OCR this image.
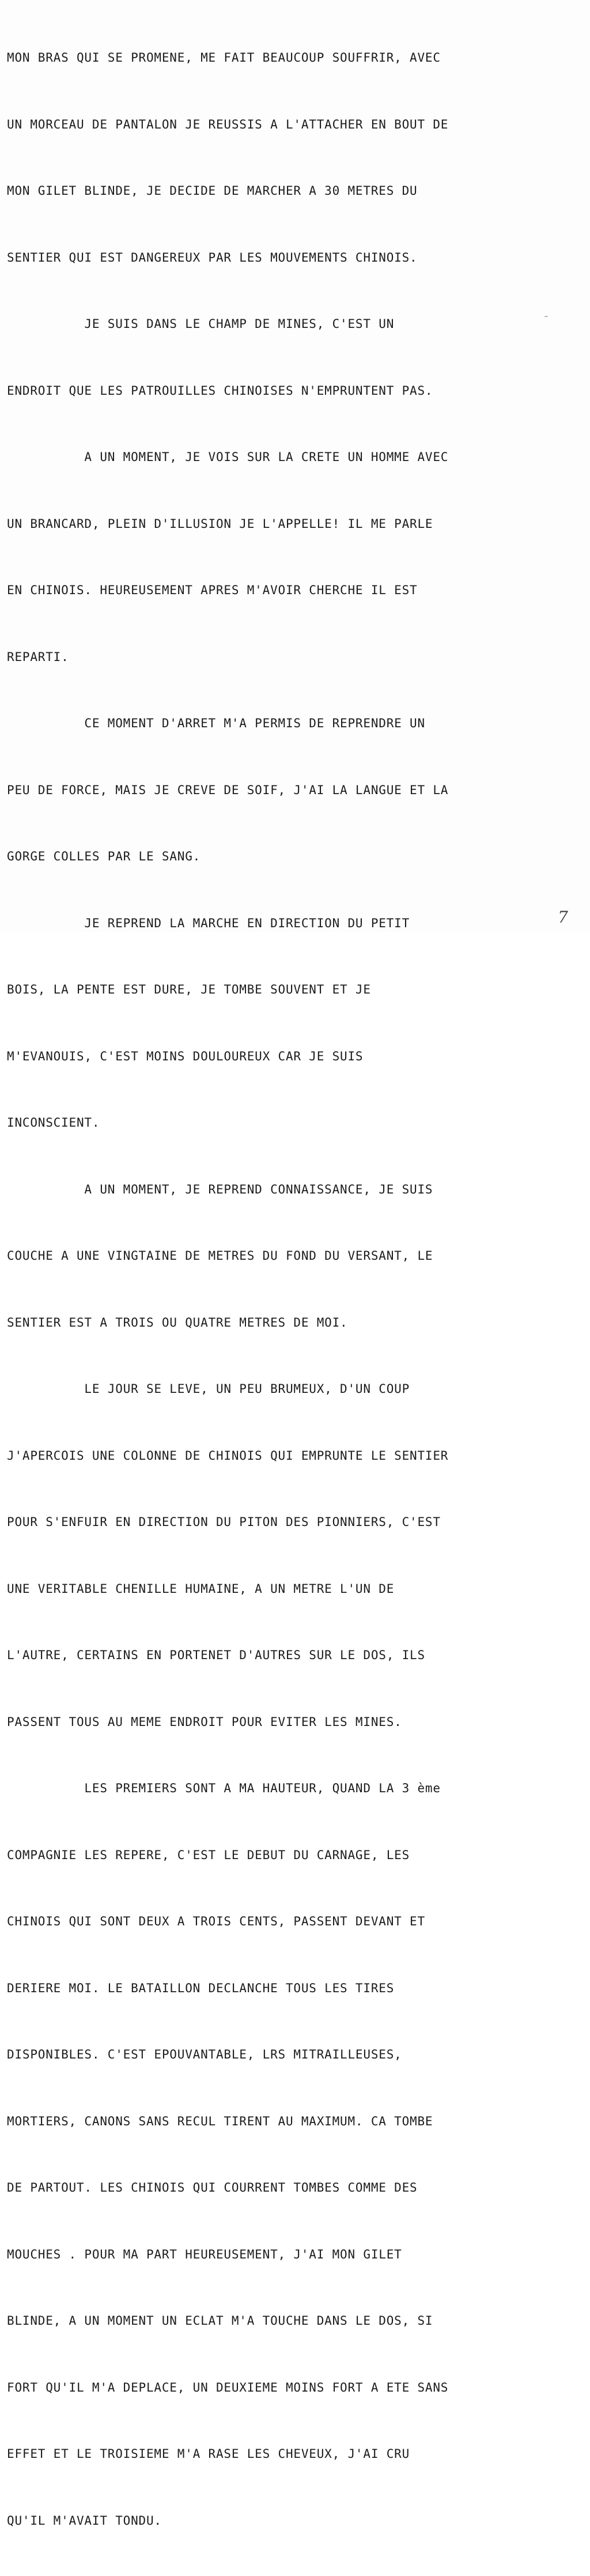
MON BRAS QUI SE PROMENE, ME FAIT BEAUCOUP SOUFFRIR, AVEC

UN MORCEAU DE PANTALON JE REUSSIS A L'ATTACHER EN BOUT DE

MON GILET BLINDE, JE DECIDE DE MARCHER A 30 METRES DU

SENTIER QUI EST DANGEREUX PAR LES MOUVEMENTS CHINOIS.

JE SUIS DANS LE CHAMP DE MINES, C'EST UN

ENDROIT QUE LES PATROUILLES CHINOISES N'EMPRUNTENT PAS.

A UN MOMENT, JE VOIS SUR LA CRETE UN HOMME AVEC

UN BRANCARD, PLEIN D'ILLUSION JE L'APPELLE! IL ME PARLE

EN CHINOIS. HEUREUSEMENT APRES M'AVOIR CHERCHE IL EST

REPARTI.

CE MOMENT D'ARRET M'A PERMIS DE REPRENDRE UN

PEU DE FORCE, MAIS JE CREVE DE SOIF, J'AI LA LANGUE ET LA

GORGE COLLES PAR LE SANG.

JE REPREND LA MARCHE EN DIRECTION DU PETIT

BOIS, LA PENTE EST DURE, JE TOMBE SOUVENT ET JE

M'EVANOUIS, C'EST MOINS DOULOUREUX CAR JE SUIS

INCONSCIENT.

A UN MOMENT, JE REPREND CONNAISSANCE, JE SUIS

COUCHE A UNE VINGTAINE DE METRES DU FOND DU VERSANT, LE

SENTIER EST A TROIS OU QUATRE METRES DE MOI.

LE JOUR SE LEVE, UN PEU BRUMEUX, D'UN COUP

J'APERCOIS UNE COLONNE DE CHINOIS QUI EMPRUNTE LE SENTIER

POUR S'ENFUIR EN DIRECTION DU PITON DES PIONNIERS, C'EST

UNE VERITABLE CHENILLE HUMAINE, A UN METRE L'UN DE

L'AUTRE, CERTAINS EN PORTENET D'AUTRES SUR LE DOS, ILS

PASSENT TOUS AU MEME ENDROIT POUR EVITER LES MINES.

LES PREMIERS SONT A MA HAUTEUR, QUAND LA 3 ème

COMPAGNIE LES REPERE, C'EST LE DEBUT DU CARNAGE, LES

CHINOIS QUI SONT DEUX A TROIS CENTS, PASSENT DEVANT ET

DERIERE MOI. LE BATAILLON DECLANCHE TOUS LES TIRES

DISPONIBLES. C'EST EPOUVANTABLE, LRS MITRAILLEUSES,

MORTIERS, CANONS SANS RECUL TIRENT AU MAXIMUM. CA TOMBE

DE PARTOUT. LES CHINOIS QUI COURRENT TOMBES COMME DES

MOUCHES . POUR MA PART HEUREUSEMENT, J'AI MON GILET

BLINDE, A UN MOMENT UN ECLAT M'A TOUCHE DANS LE DOS, SI

FORT QU'IL M'A DEPLACE, UN DEUXIEME MOINS FORT A ETE SANS

EFFET ET LE TROISIEME M'A RASE LES CHEVEUX, J'AI CRU

QU'IL M'AVAIT TONDU.

7
